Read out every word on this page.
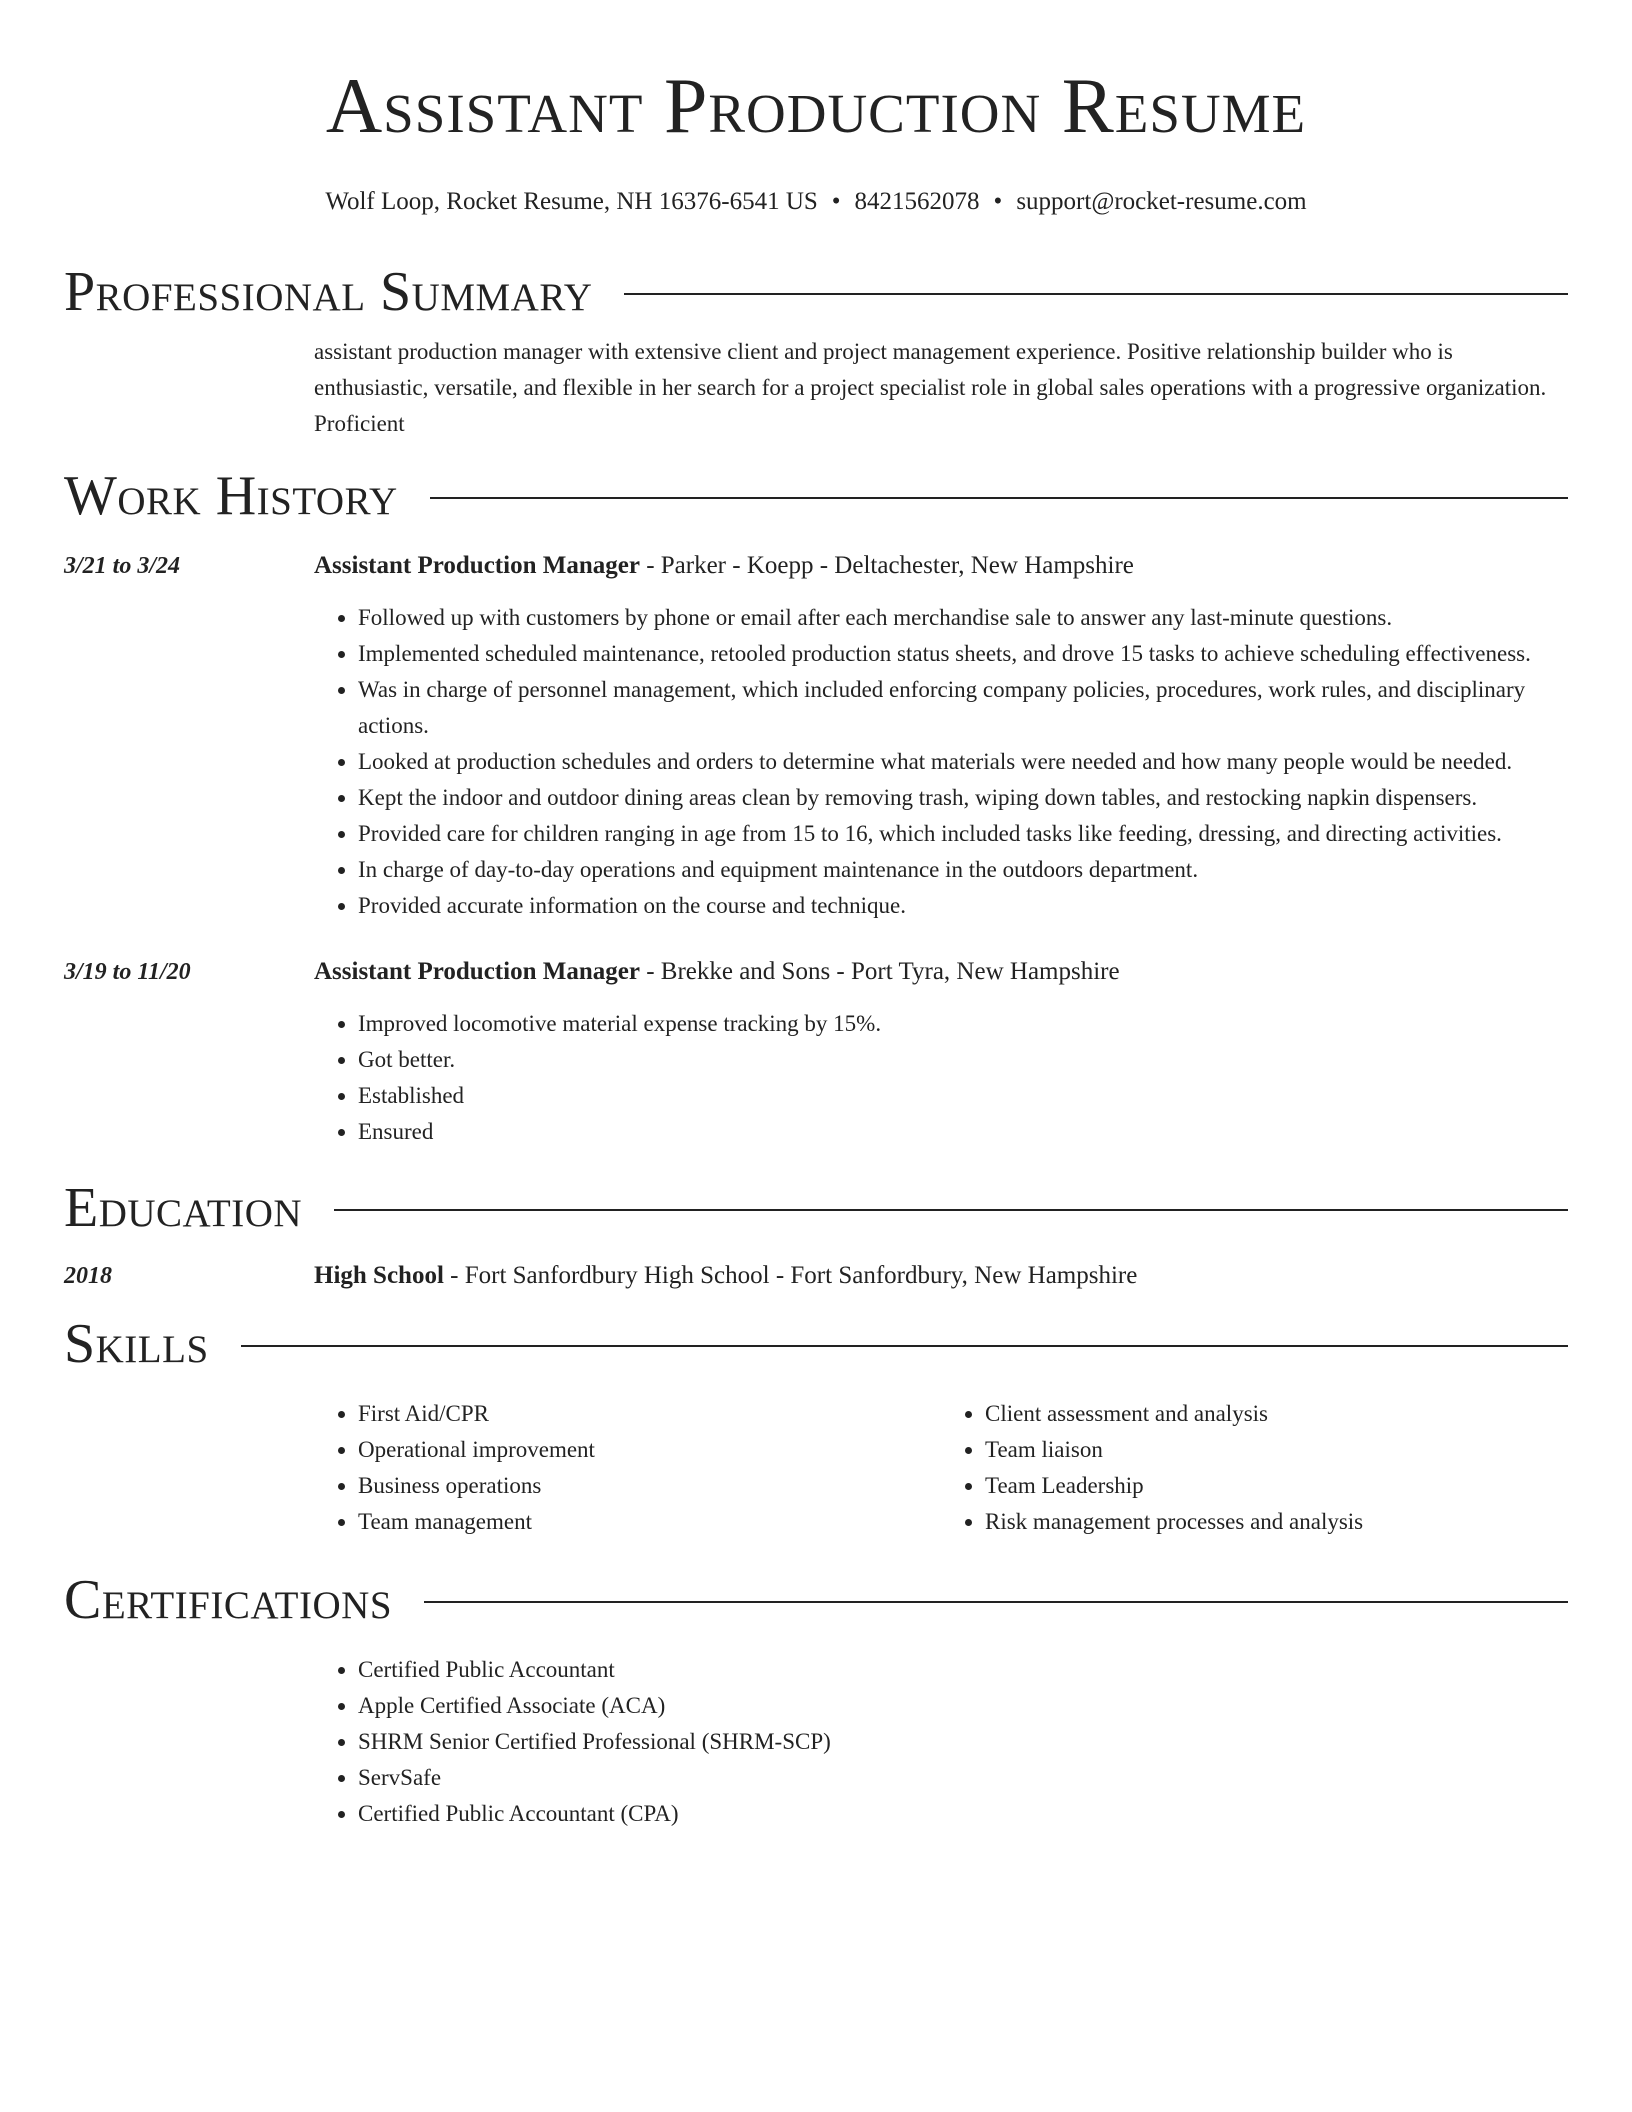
Assistant Production Resume
Wolf Loop, Rocket Resume, NH 16376-6541 US • 8421562078 • support@rocket-resume.com
Professional Summary
assistant production manager with extensive client and project management experience. Positive relationship builder who is enthusiastic, versatile, and flexible in her search for a project specialist role in global sales operations with a progressive organization. Proficient
Work History
3/21 to 3/24	Assistant Production Manager - Parker - Koepp - Deltachester, New Hampshire
• Followed up with customers by phone or email after each merchandise sale to answer any last-minute questions.
• Implemented scheduled maintenance, retooled production status sheets, and drove 15 tasks to achieve scheduling effectiveness.
• Was in charge of personnel management, which included enforcing company policies, procedures, work rules, and disciplinary actions.
• Looked at production schedules and orders to determine what materials were needed and how many people would be needed.
• Kept the indoor and outdoor dining areas clean by removing trash, wiping down tables, and restocking napkin dispensers.
• Provided care for children ranging in age from 15 to 16, which included tasks like feeding, dressing, and directing activities.
• In charge of day-to-day operations and equipment maintenance in the outdoors department.
• Provided accurate information on the course and technique.
3/19 to 11/20	Assistant Production Manager - Brekke and Sons - Port Tyra, New Hampshire
• Improved locomotive material expense tracking by 15%.
• Got better.
• Established
• Ensured
Education
2018	High School - Fort Sanfordbury High School - Fort Sanfordbury, New Hampshire
Skills
• First Aid/CPR
• Operational improvement
• Business operations
• Team management
• Client assessment and analysis
• Team liaison
• Team Leadership
• Risk management processes and analysis
Certifications
• Certified Public Accountant
• Apple Certified Associate (ACA)
• SHRM Senior Certified Professional (SHRM-SCP)
• ServSafe
• Certified Public Accountant (CPA)
